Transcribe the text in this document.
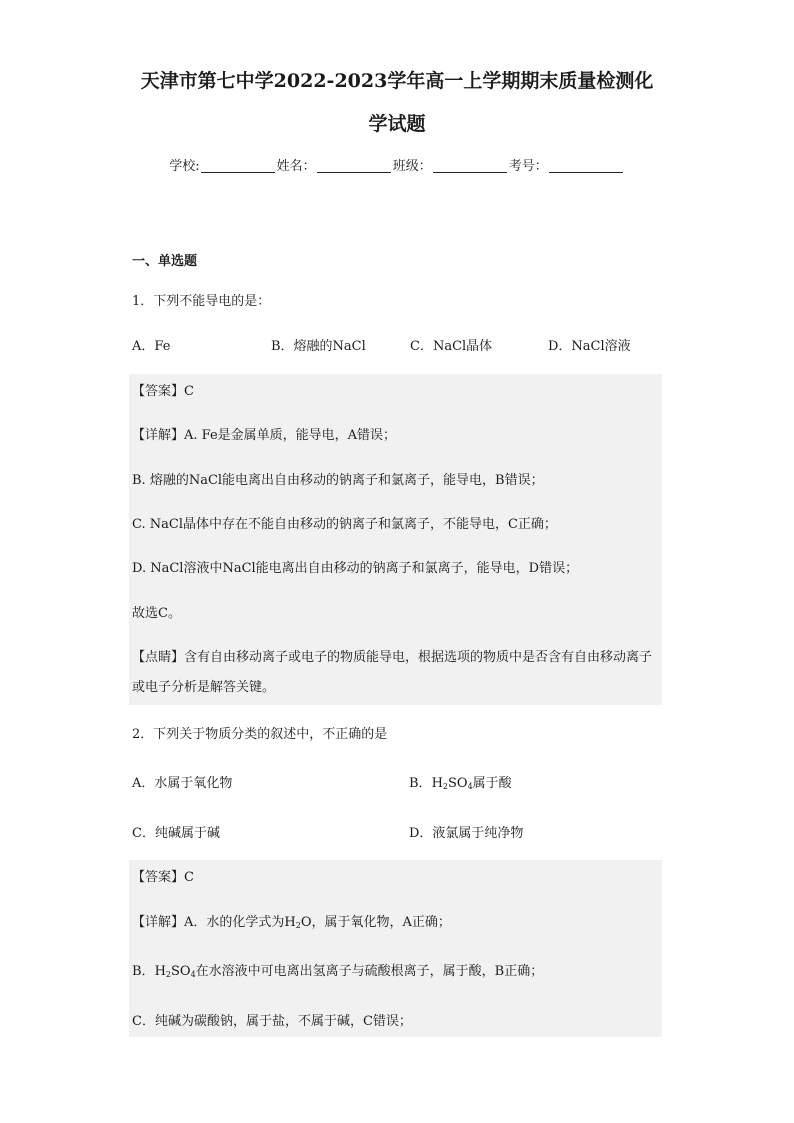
天津市第七中学2022-2023学年高一上学期期末质量检测化
学试题
学校:	姓名：	班级：	考号：
一、单选题
1．下列不能导电的是：
A．Fe	B．熔融的NaCl	C．NaCl晶体	D．NaCl溶液
【答案】C
【详解】A. Fe是金属单质，能导电，A错误；
B. 熔融的NaCl能电离出自由移动的钠离子和氯离子，能导电，B错误；
C. NaCl晶体中存在不能自由移动的钠离子和氯离子，不能导电，C正确；
D. NaCl溶液中NaCl能电离出自由移动的钠离子和氯离子，能导电，D错误；
故选C。
【点睛】含有自由移动离子或电子的物质能导电，根据选项的物质中是否含有自由移动离子或电子分析是解答关键。
2．下列关于物质分类的叙述中，不正确的是
A．水属于氧化物	B．$H_2SO_4$属于酸
C．纯碱属于碱	D．液氯属于纯净物
【答案】C
【详解】A．水的化学式为$H_2O$，属于氧化物，A正确；
B．$H_2SO_4$在水溶液中可电离出氢离子与硫酸根离子，属于酸，B正确；
C．纯碱为碳酸钠，属于盐，不属于碱，C错误；
